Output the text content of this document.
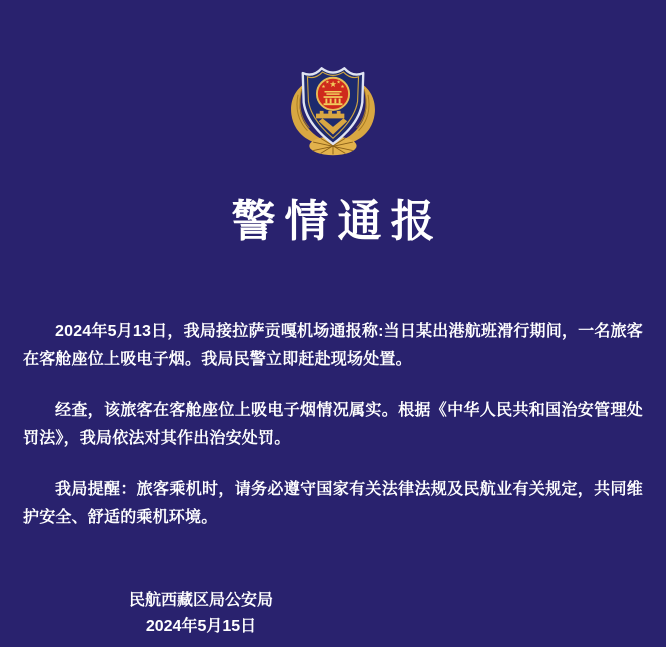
★
★	★
★ ★
警情通报

2024年5月13日，我局接拉萨贡嘎机场通报称:当日某出港航班滑行期间，一名旅客在客舱座位上吸电子烟。我局民警立即赶赴现场处置。

经查，该旅客在客舱座位上吸电子烟情况属实。根据《中华人民共和国治安管理处罚法》，我局依法对其作出治安处罚。

我局提醒：旅客乘机时，请务必遵守国家有关法律法规及民航业有关规定，共同维护安全、舒适的乘机环境。

民航西藏区局公安局
2024年5月15日
